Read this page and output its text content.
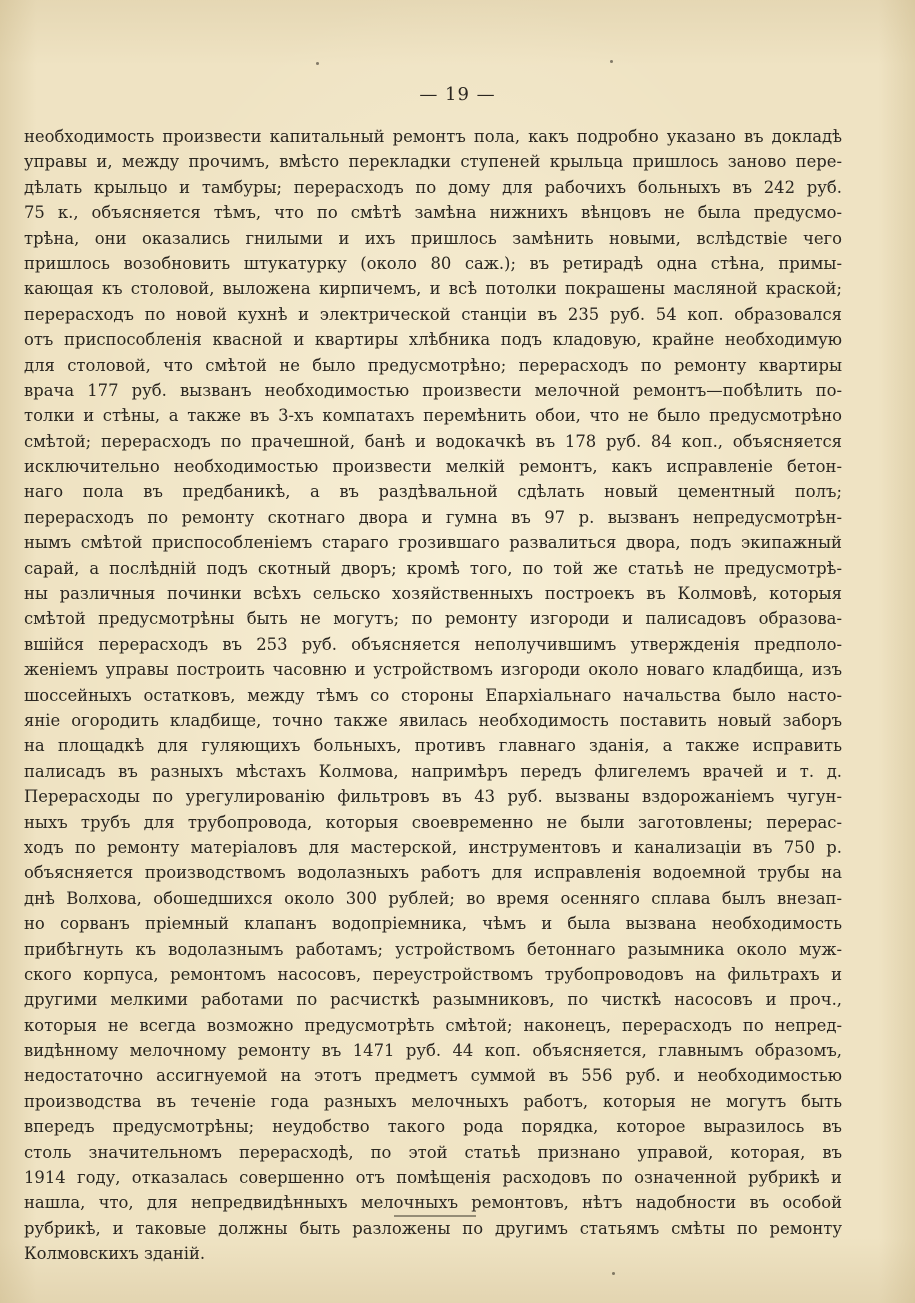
— 19 —
необходимость произвести капитальный ремонтъ пола, какъ подробно указано въ докладѣ
управы и, между прочимъ, вмѣсто перекладки ступеней крыльца пришлось заново пере-
дѣлать крыльцо и тамбуры; перерасходъ по дому для рабочихъ больныхъ въ 242 руб.
75 к., объясняется тѣмъ, что по смѣтѣ замѣна нижнихъ вѣнцовъ не была предусмо-
трѣна, они оказались гнилыми и ихъ пришлось замѣнить новыми, вслѣдствіе чего
пришлось возобновить штукатурку (около 80 саж.); въ ретирадѣ одна стѣна, примы-
кающая къ столовой, выложена кирпичемъ, и всѣ потолки покрашены масляной краской;
перерасходъ по новой кухнѣ и электрической станціи въ 235 руб. 54 коп. образовался
отъ приспособленія квасной и квартиры хлѣбника подъ кладовую, крайне необходимую
для столовой, что смѣтой не было предусмотрѣно; перерасходъ по ремонту квартиры
врача 177 руб. вызванъ необходимостью произвести мелочной ремонтъ—побѣлить по-
толки и стѣны, а также въ 3-хъ компатахъ перемѣнить обои, что не было предусмотрѣно
смѣтой; перерасходъ по прачешной, банѣ и водокачкѣ въ 178 руб. 84 коп., объясняется
исключительно необходимостью произвести мелкій ремонтъ, какъ исправленіе бетон-
наго пола въ предбаникѣ, а въ раздѣвальной сдѣлать новый цементный полъ;
перерасходъ по ремонту скотнаго двора и гумна въ 97 р. вызванъ непредусмотрѣн-
нымъ смѣтой приспособленіемъ стараго грозившаго развалиться двора, подъ экипажный
сарай, а послѣдній подъ скотный дворъ; кромѣ того, по той же статьѣ не предусмотрѣ-
ны различныя починки всѣхъ сельско хозяйственныхъ построекъ въ Колмовѣ, которыя
смѣтой предусмотрѣны быть не могутъ; по ремонту изгороди и палисадовъ образова-
вшійся перерасходъ въ 253 руб. объясняется неполучившимъ утвержденія предполо-
женіемъ управы построить часовню и устройствомъ изгороди около новаго кладбища, изъ
шоссейныхъ остатковъ, между тѣмъ со стороны Епархіальнаго начальства было насто-
яніе огородить кладбище, точно также явилась необходимость поставить новый заборъ
на площадкѣ для гуляющихъ больныхъ, противъ главнаго зданія, а также исправить
палисадъ въ разныхъ мѣстахъ Колмова, напримѣръ передъ флигелемъ врачей и т. д.
Перерасходы по урегулированію фильтровъ въ 43 руб. вызваны вздорожаніемъ чугун-
ныхъ трубъ для трубопровода, которыя своевременно не были заготовлены; перерас-
ходъ по ремонту матеріаловъ для мастерской, инструментовъ и канализаціи въ 750 р.
объясняется производствомъ водолазныхъ работъ для исправленія водоемной трубы на
днѣ Волхова, обошедшихся около 300 рублей; во время осенняго сплава былъ внезап-
но сорванъ пріемный клапанъ водопріемника, чѣмъ и была вызвана необходимость
прибѣгнуть къ водолазнымъ работамъ; устройствомъ бетоннаго разымника около муж-
ского корпуса, ремонтомъ насосовъ, переустройствомъ трубопроводовъ на фильтрахъ и
другими мелкими работами по расчисткѣ разымниковъ, по чисткѣ насосовъ и проч.,
которыя не всегда возможно предусмотрѣть смѣтой; наконецъ, перерасходъ по непред-
видѣнному мелочному ремонту въ 1471 руб. 44 коп. объясняется, главнымъ образомъ,
недостаточно ассигнуемой на этотъ предметъ суммой въ 556 руб. и необходимостью
производства въ теченіе года разныхъ мелочныхъ работъ, которыя не могутъ быть
впередъ предусмотрѣны; неудобство такого рода порядка, которое выразилось въ
столь значительномъ перерасходѣ, по этой статьѣ признано управой, которая, въ
1914 году, отказалась совершенно отъ помѣщенія расходовъ по означенной рубрикѣ и
нашла, что, для непредвидѣнныхъ мелочныхъ ремонтовъ, нѣтъ надобности въ особой
рубрикѣ, и таковые должны быть разложены по другимъ статьямъ смѣты по ремонту
Колмовскихъ зданій.
